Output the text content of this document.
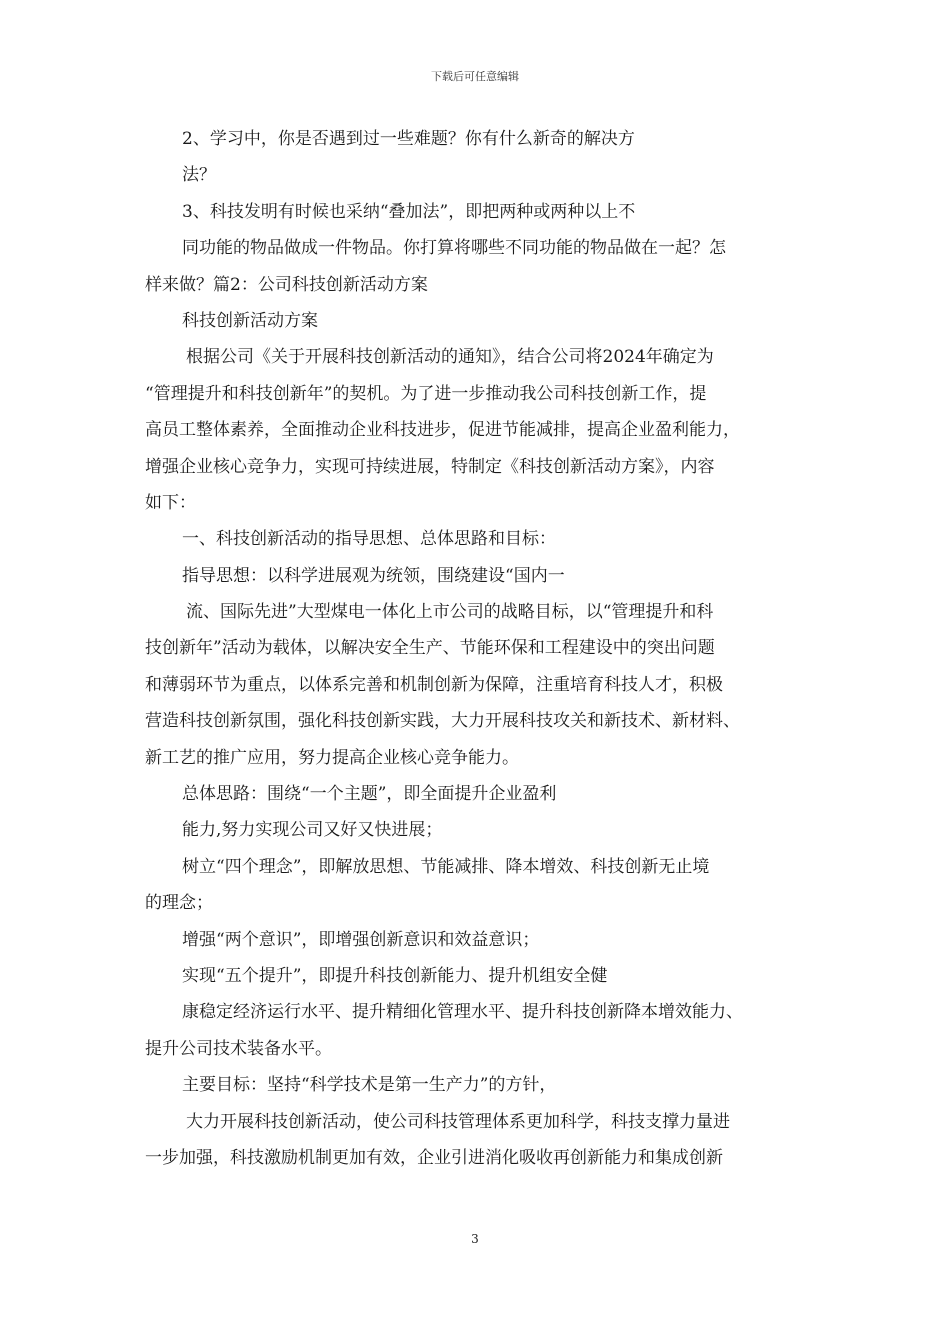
下载后可任意编辑
2、学习中，你是否遇到过一些难题？你有什么新奇的解决方
法？
3、科技发明有时候也采纳“叠加法”，即把两种或两种以上不
同功能的物品做成一件物品。你打算将哪些不同功能的物品做在一起？怎
样来做？篇2：公司科技创新活动方案
科技创新活动方案
根据公司《关于开展科技创新活动的通知》，结合公司将2024年确定为
“管理提升和科技创新年”的契机。为了进一步推动我公司科技创新工作，提
高员工整体素养，全面推动企业科技进步，促进节能减排，提高企业盈利能力，
增强企业核心竞争力，实现可持续进展，特制定《科技创新活动方案》，内容
如下：
一、科技创新活动的指导思想、总体思路和目标：
指导思想：以科学进展观为统领，围绕建设“国内一
流、国际先进”大型煤电一体化上市公司的战略目标，以“管理提升和科
技创新年”活动为载体，以解决安全生产、节能环保和工程建设中的突出问题
和薄弱环节为重点，以体系完善和机制创新为保障，注重培育科技人才，积极
营造科技创新氛围，强化科技创新实践，大力开展科技攻关和新技术、新材料、
新工艺的推广应用，努力提高企业核心竞争能力。
总体思路：围绕“一个主题”，即全面提升企业盈利
能力,努力实现公司又好又快进展；
树立“四个理念”，即解放思想、节能减排、降本增效、科技创新无止境
的理念；
增强“两个意识”，即增强创新意识和效益意识；
实现“五个提升”，即提升科技创新能力、提升机组安全健
康稳定经济运行水平、提升精细化管理水平、提升科技创新降本增效能力、
提升公司技术装备水平。
主要目标：坚持“科学技术是第一生产力”的方针，
大力开展科技创新活动，使公司科技管理体系更加科学，科技支撑力量进
一步加强，科技激励机制更加有效，企业引进消化吸收再创新能力和集成创新
3
